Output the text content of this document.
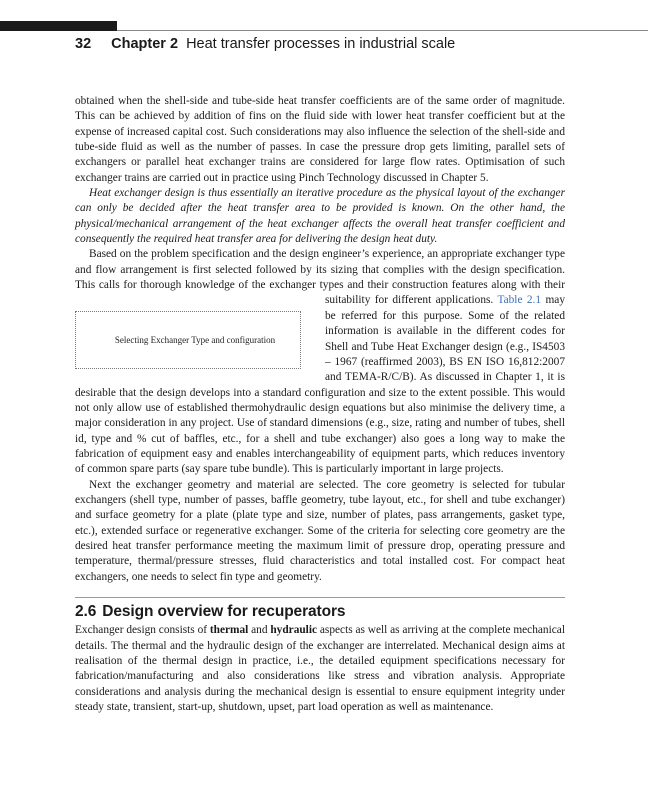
32 Chapter 2 Heat transfer processes in industrial scale

obtained when the shell-side and tube-side heat transfer coefficients are of the same order of magnitude. This can be achieved by addition of fins on the fluid side with lower heat transfer coefficient but at the expense of increased capital cost. Such considerations may also influence the selection of the shell-side and tube-side fluid as well as the number of passes. In case the pressure drop gets limiting, parallel sets of exchangers or parallel heat exchanger trains are considered for large flow rates. Optimisation of such exchanger trains are carried out in practice using Pinch Technology discussed in Chapter 5.

Heat exchanger design is thus essentially an iterative procedure as the physical layout of the exchanger can only be decided after the heat transfer area to be provided is known. On the other hand, the physical/mechanical arrangement of the heat exchanger affects the overall heat transfer coefficient and consequently the required heat transfer area for delivering the design heat duty.

Based on the problem specification and the design engineer’s experience, an appropriate exchanger type and flow arrangement is first selected followed by its sizing that complies with the design specification. This calls for thorough knowledge of the exchanger types and their construction features along with their suitability for different applications.
Selecting Exchanger Type and configuration
Table 2.1 may be referred for this purpose. Some of the related information is available in the different codes for Shell and Tube Heat Exchanger design (e.g., IS4503 – 1967 (reaffirmed 2003), BS EN ISO 16,812:2007 and TEMA-R/C/B). As discussed in Chapter 1, it is desirable that the design develops into a standard configuration and size to the extent possible. This would not only allow use of established thermohydraulic design equations but also minimise the delivery time, a major consideration in any project. Use of standard dimensions (e.g., size, rating and number of tubes, shell id, type and % cut of baffles, etc., for a shell and tube exchanger) also goes a long way to make the fabrication of equipment easy and enables interchangeability of equipment parts, which reduces inventory of common spare parts (say spare tube bundle). This is particularly important in large projects.

Next the exchanger geometry and material are selected. The core geometry is selected for tubular exchangers (shell type, number of passes, baffle geometry, tube layout, etc., for shell and tube exchanger) and surface geometry for a plate (plate type and size, number of plates, pass arrangements, gasket type, etc.), extended surface or regenerative exchanger. Some of the criteria for selecting core geometry are the desired heat transfer performance meeting the maximum limit of pressure drop, operating pressure and temperature, thermal/pressure stresses, fluid characteristics and total installed cost. For compact heat exchangers, one needs to select fin type and geometry.

2.6 Design overview for recuperators

Exchanger design consists of thermal and hydraulic aspects as well as arriving at the complete mechanical details. The thermal and the hydraulic design of the exchanger are interrelated. Mechanical design aims at realisation of the thermal design in practice, i.e., the detailed equipment specifications necessary for fabrication/manufacturing and also considerations like stress and vibration analysis. Appropriate considerations and analysis during the mechanical design is essential to ensure equipment integrity under steady state, transient, start-up, shutdown, upset, part load operation as well as maintenance.
